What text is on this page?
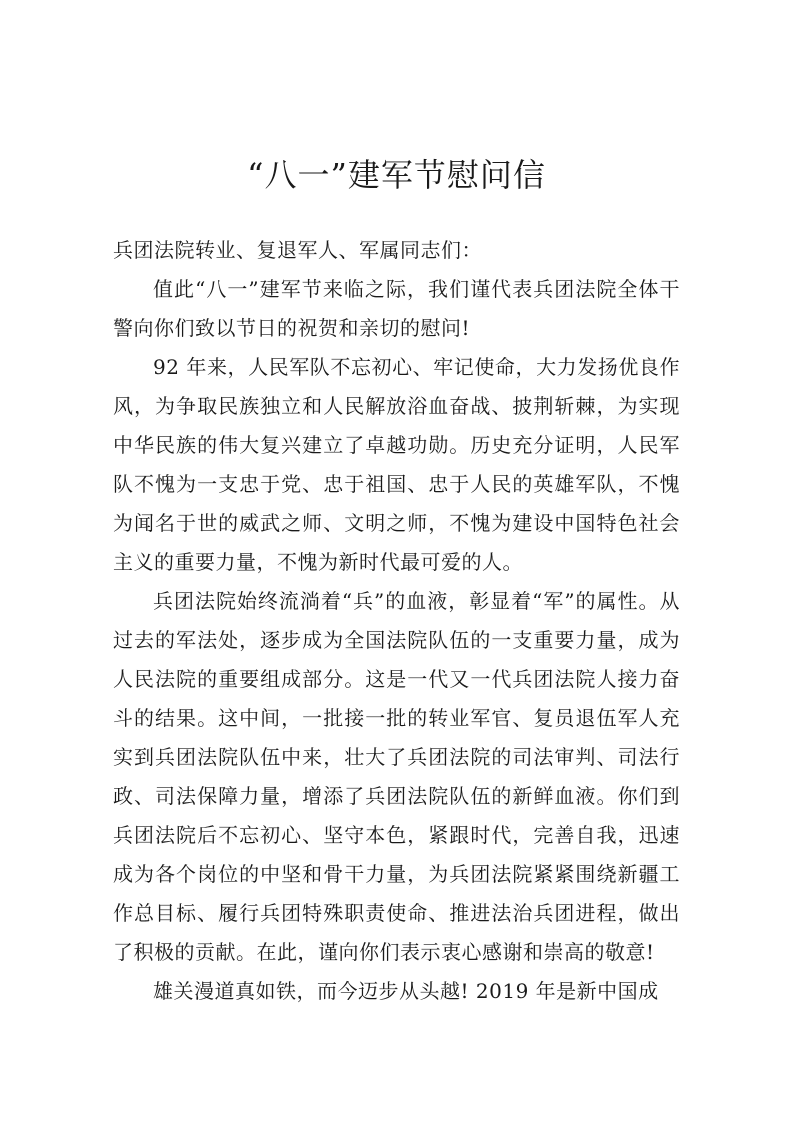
“八一”建军节慰问信

兵团法院转业、复退军人、军属同志们：

值此“八一”建军节来临之际，我们谨代表兵团法院全体干警向你们致以节日的祝贺和亲切的慰问!

92 年来，人民军队不忘初心、牢记使命，大力发扬优良作风，为争取民族独立和人民解放浴血奋战、披荆斩棘，为实现中华民族的伟大复兴建立了卓越功勋。历史充分证明，人民军队不愧为一支忠于党、忠于祖国、忠于人民的英雄军队，不愧为闻名于世的威武之师、文明之师，不愧为建设中国特色社会主义的重要力量，不愧为新时代最可爱的人。

兵团法院始终流淌着“兵”的血液，彰显着“军”的属性。从过去的军法处，逐步成为全国法院队伍的一支重要力量，成为人民法院的重要组成部分。这是一代又一代兵团法院人接力奋斗的结果。这中间，一批接一批的转业军官、复员退伍军人充实到兵团法院队伍中来，壮大了兵团法院的司法审判、司法行政、司法保障力量，增添了兵团法院队伍的新鲜血液。你们到兵团法院后不忘初心、坚守本色，紧跟时代，完善自我，迅速成为各个岗位的中坚和骨干力量，为兵团法院紧紧围绕新疆工作总目标、履行兵团特殊职责使命、推进法治兵团进程，做出了积极的贡献。在此，谨向你们表示衷心感谢和崇高的敬意!

雄关漫道真如铁，而今迈步从头越! 2019 年是新中国成
